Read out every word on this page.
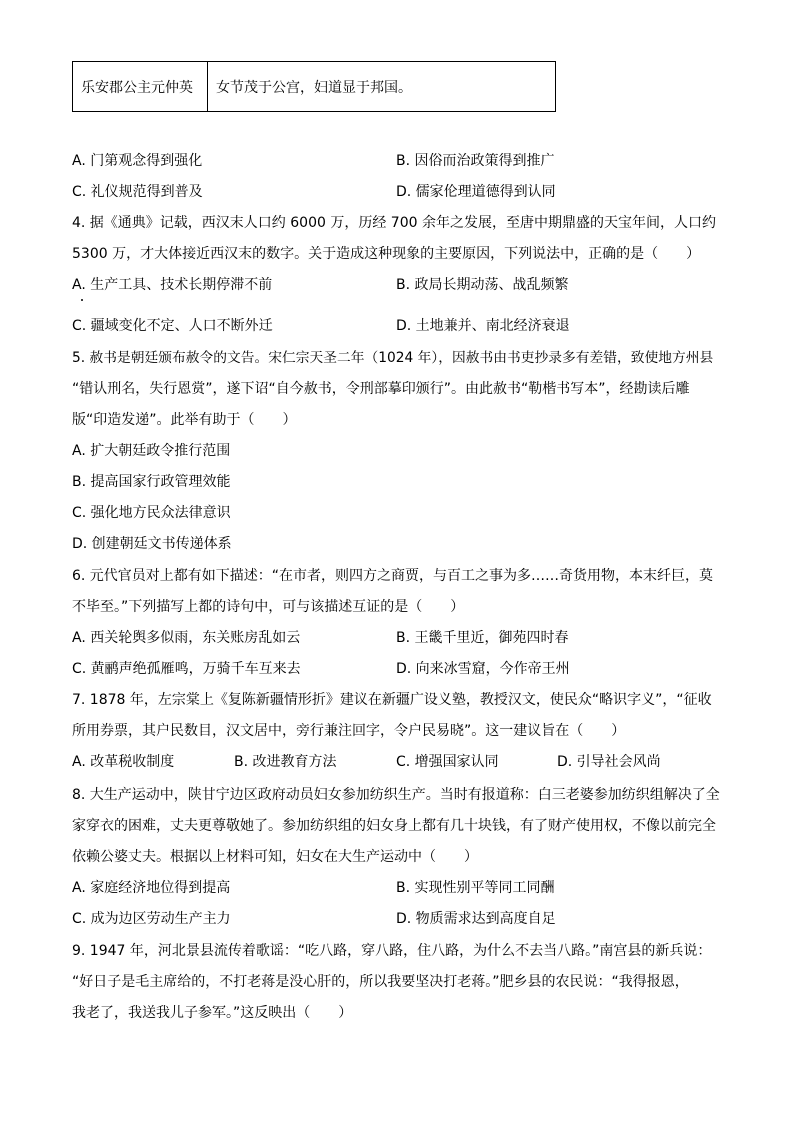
乐安郡公主元仲英	女节茂于公宫，妇道显于邦国。
A. 门第观念得到强化	B. 因俗而治政策得到推广
C. 礼仪规范得到普及	D. 儒家伦理道德得到认同
4. 据《通典》记载，西汉末人口约 6000 万，历经 700 余年之发展，至唐中期鼎盛的天宝年间，人口约
5300 万，才大体接近西汉末的数字。关于造成这种现象的主要原因，下列说法中，正确的是（　　）
A. 生产工具、技术长期停滞不前	B. 政局长期动荡、战乱频繁
C. 疆域变化不定、人口不断外迁	D. 土地兼并、南北经济衰退
5. 赦书是朝廷颁布赦令的文告。宋仁宗天圣二年（1024 年），因赦书由书吏抄录多有差错，致使地方州县
“错认刑名，失行恩赏”，遂下诏“自今赦书，令刑部摹印颁行”。由此赦书“勒楷书写本”，经勘读后雕
版“印造发递”。此举有助于（　　）
A. 扩大朝廷政令推行范围
B. 提高国家行政管理效能
C. 强化地方民众法律意识
D. 创建朝廷文书传递体系
6. 元代官员对上都有如下描述：“在市者，则四方之商贾，与百工之事为多……奇货用物，本末纤巨，莫
不毕至。”下列描写上都的诗句中，可与该描述互证的是（　　）
A. 西关轮舆多似雨，东关账房乱如云	B. 王畿千里近，御苑四时春
C. 黄鹂声绝孤雁鸣，万骑千车互来去	D. 向来冰雪窟，今作帝王州
7. 1878 年，左宗棠上《复陈新疆情形折》建议在新疆广设义塾，教授汉文，使民众“略识字义”，“征收
所用券票，其户民数目，汉文居中，旁行兼注回字，令户民易晓”。这一建议旨在（　　）
A. 改革税收制度	B. 改进教育方法	C. 增强国家认同	D. 引导社会风尚
8. 大生产运动中，陕甘宁边区政府动员妇女参加纺织生产。当时有报道称：白三老婆参加纺织组解决了全
家穿衣的困难，丈夫更尊敬她了。参加纺织组的妇女身上都有几十块钱，有了财产使用权，不像以前完全
依赖公婆丈夫。根据以上材料可知，妇女在大生产运动中（　　）
A. 家庭经济地位得到提高	B. 实现性别平等同工同酬
C. 成为边区劳动生产主力	D. 物质需求达到高度自足
9. 1947 年，河北景县流传着歌谣：“吃八路，穿八路，住八路，为什么不去当八路。”南宫县的新兵说：
“好日子是毛主席给的，不打老蒋是没心肝的，所以我要坚决打老蒋。”肥乡县的农民说：“我得报恩，
我老了，我送我儿子参军。”这反映出（　　）
